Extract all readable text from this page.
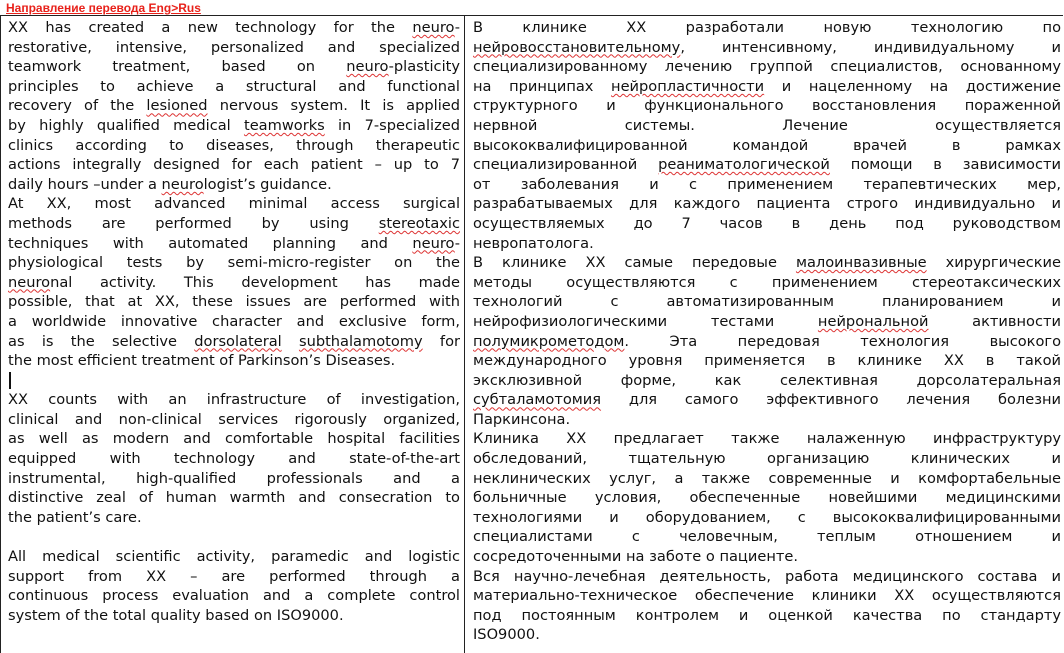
Направление перевода Eng>Rus
XX has created a new technology for the neuro-
restorative, intensive, personalized and specialized
teamwork treatment, based on neuro-plasticity
principles to achieve a structural and functional
recovery of the lesioned nervous system. It is applied
by highly qualified medical teamworks in 7-specialized
clinics according to diseases, through therapeutic
actions integrally designed for each patient – up to 7
daily hours –under a neurologist’s guidance.
At XX, most advanced minimal access surgical
methods are performed by using stereotaxic
techniques with automated planning and neuro-
physiological tests by semi-micro-register on the
neuronal activity. This development has made
possible, that at XX, these issues are performed with
a worldwide innovative character and exclusive form,
as is the selective dorsolateral subthalamotomy for
the most efficient treatment of Parkinson’s Diseases.
XX counts with an infrastructure of investigation,
clinical and non-clinical services rigorously organized,
as well as modern and comfortable hospital facilities
equipped with technology and state-of-the-art
instrumental, high-qualified professionals and a
distinctive zeal of human warmth and consecration to
the patient’s care.

All medical scientific activity, paramedic and logistic
support from XX – are performed through a
continuous process evaluation and a complete control
system of the total quality based on ISO9000.
В клинике XX разработали новую технологию по
нейровосстановительному, интенсивному, индивидуальному и
специализированному лечению группой специалистов, основанному
на принципах нейропластичности и нацеленному на достижение
структурного и функционального восстановления пораженной
нервной системы. Лечение осуществляется
высококвалифицированной командой врачей в рамках
специализированной реаниматологической помощи в зависимости
от заболевания и с применением терапевтических мер,
разрабатываемых для каждого пациента строго индивидуально и
осуществляемых до 7 часов в день под руководством
невропатолога.
В клинике XX самые передовые малоинвазивные хирургические
методы осуществляются с применением стереотаксических
технологий с автоматизированным планированием и
нейрофизиологическими тестами нейрональной активности
полумикрометодом. Эта передовая технология высокого
международного уровня применяется в клинике XX в такой
эксклюзивной форме, как селективная дорсолатеральная
субталамотомия для самого эффективного лечения болезни
Паркинсона.
Клиника XX предлагает также налаженную инфраструктуру
обследований, тщательную организацию клинических и
неклинических услуг, а также современные и комфортабельные
больничные условия, обеспеченные новейшими медицинскими
технологиями и оборудованием, с высококвалифицированными
специалистами с человечным, теплым отношением и
сосредоточенными на заботе о пациенте.
Вся научно-лечебная деятельность, работа медицинского состава и
материально-техническое обеспечение клиники XX осуществляются
под постоянным контролем и оценкой качества по стандарту
ISO9000.
